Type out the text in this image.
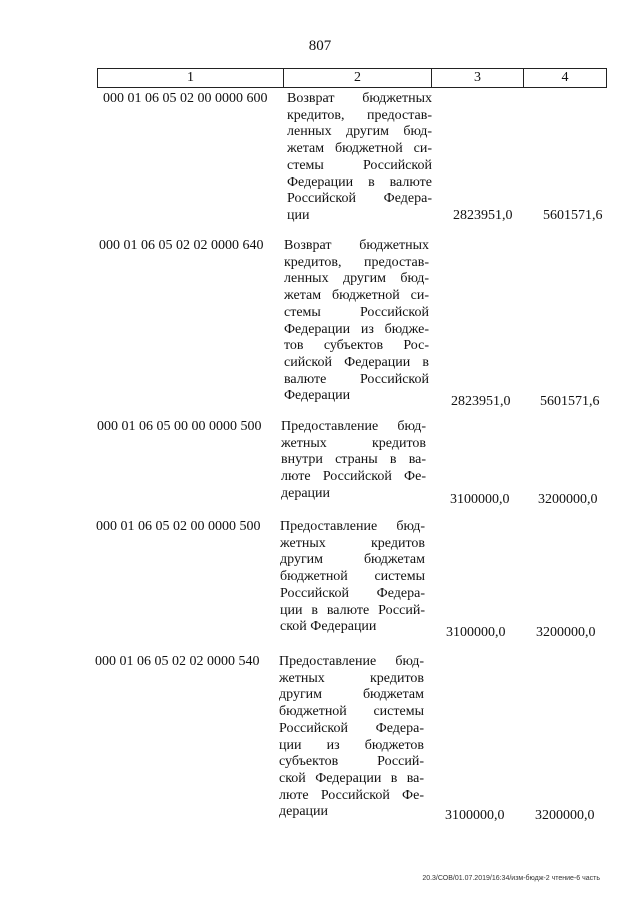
807
1	2	3	4
000 01 06 05 02 00 0000 600 Возврат бюджетных
кредитов, предостав-
ленных другим бюд-
жетам бюджетной си-
стемы Российской
Федерации в валюте
Российской Федера-
ции	2823951,0 5601571,6
000 01 06 05 02 02 0000 640 Возврат бюджетных
кредитов, предостав-
ленных другим бюд-
жетам бюджетной си-
стемы Российской
Федерации из бюдже-
тов субъектов Рос-
сийской Федерации в
валюте Российской
Федерации	2823951,0 5601571,6
000 01 06 05 00 00 0000 500 Предоставление бюд-
жетных кредитов
внутри страны в ва-
люте Российской Фе-
дерации	3100000,0 3200000,0
000 01 06 05 02 00 0000 500 Предоставление бюд-
жетных кредитов
другим бюджетам
бюджетной системы
Российской Федера-
ции в валюте Россий-
ской Федерации	3100000,0 3200000,0
000 01 06 05 02 02 0000 540 Предоставление бюд-
жетных кредитов
другим бюджетам
бюджетной системы
Российской Федера-
ции из бюджетов
субъектов Россий-
ской Федерации в ва-
люте Российской Фе-
дерации	3100000,0 3200000,0
20.3/СОВ/01.07.2019/16:34/изм-бюдж-2 чтение-6 часть
